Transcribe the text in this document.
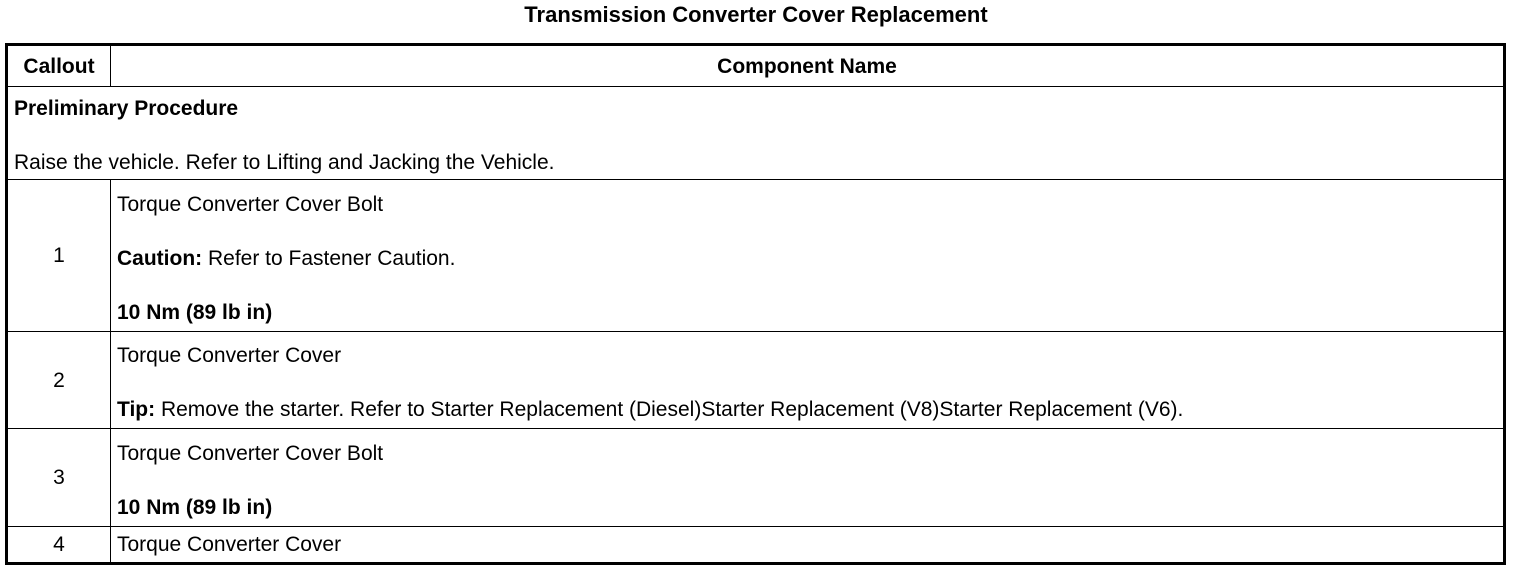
Transmission Converter Cover Replacement
Callout	Component Name

Preliminary Procedure
Raise the vehicle. Refer to Lifting and Jacking the Vehicle.	

1	Torque Converter Cover Bolt
Caution: Refer to Fastener Caution.
10 Nm (89 lb in)

2	Torque Converter Cover
Tip: Remove the starter. Refer to Starter Replacement (Diesel)Starter Replacement (V8)Starter Replacement (V6).

3	Torque Converter Cover Bolt
10 Nm (89 lb in)

4	Torque Converter Cover
